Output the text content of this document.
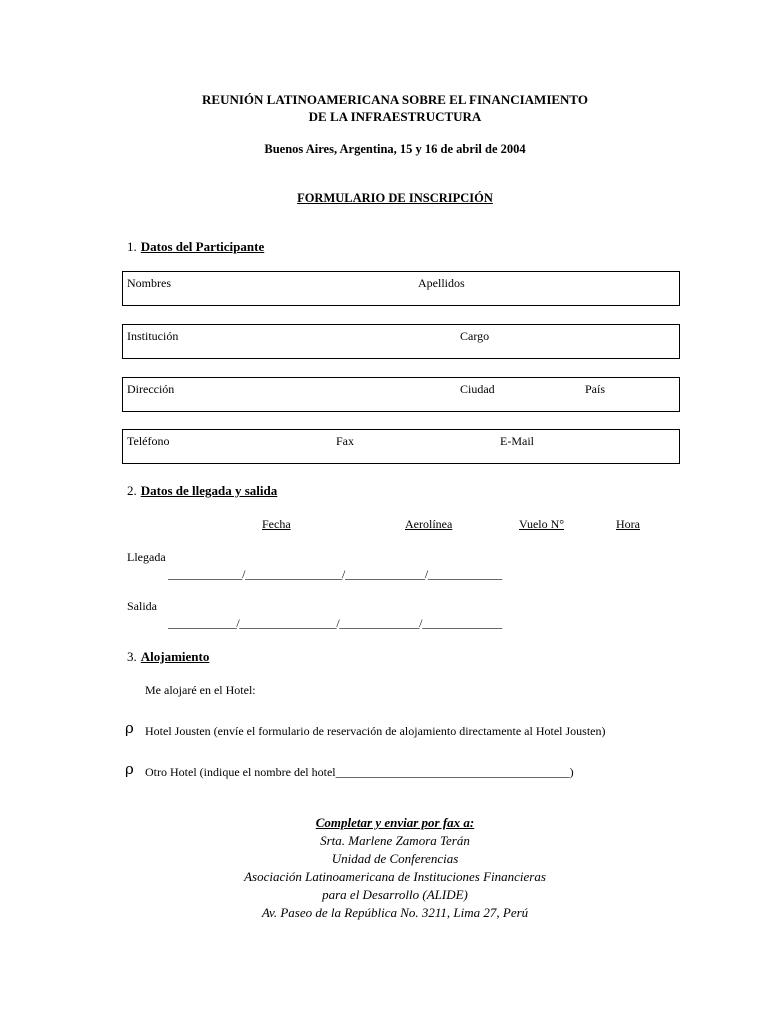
REUNIÓN LATINOAMERICANA SOBRE EL FINANCIAMIENTO
DE LA INFRAESTRUCTURA
Buenos Aires, Argentina, 15 y 16 de abril de 2004
FORMULARIO DE INSCRIPCIÓN
1. Datos del Participante
Nombres	Apellidos
Institución	Cargo
Dirección	Ciudad	País
Teléfono	Fax	E-Mail
2. Datos de llegada y salida
Fecha	Aerolínea	Vuelo N°	Hora
Llegada
_____________/_________________/______________/_____________
Salida
____________/_________________/______________/______________
3. Alojamiento
Me alojaré en el Hotel:
ρ Hotel Jousten (envíe el formulario de reservación de alojamiento directamente al Hotel Jousten)
ρ Otro Hotel (indique el nombre del hotel_______________________________________)
Completar y enviar por fax a:
Srta. Marlene Zamora Terán
Unidad de Conferencias
Asociación Latinoamericana de Instituciones Financieras
para el Desarrollo (ALIDE)
Av. Paseo de la República No. 3211, Lima 27, Perú
